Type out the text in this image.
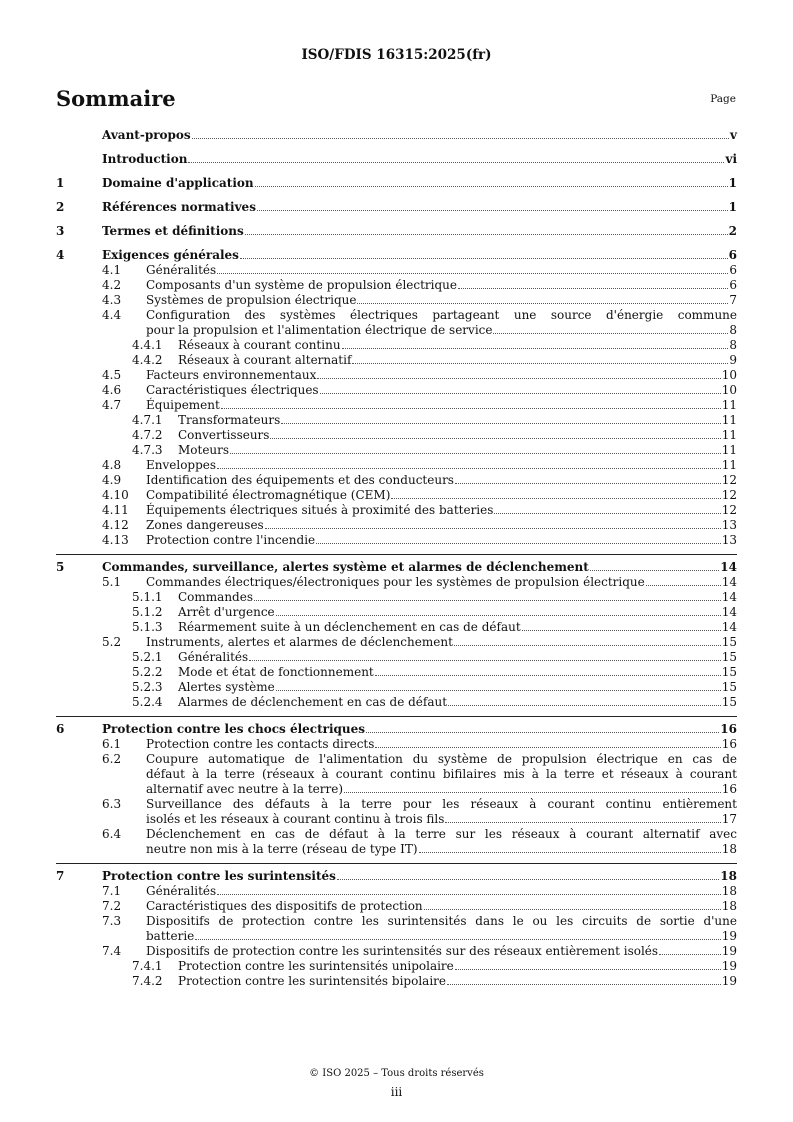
ISO/FDIS 16315:2025(fr)
Sommaire	Page
Avant-propos	v
Introduction	vi
1	Domaine d'application	1
2	Références normatives	1
3	Termes et définitions	2
4	Exigences générales	6
4.1	Généralités	6
4.2	Composants d'un système de propulsion électrique	6
4.3	Systèmes de propulsion électrique	7
4.4	Configuration des systèmes électriques partageant une source d'énergie commune
pour la propulsion et l'alimentation électrique de service	8
4.4.1	Réseaux à courant continu	8
4.4.2	Réseaux à courant alternatif	9
4.5	Facteurs environnementaux	10
4.6	Caractéristiques électriques	10
4.7	Équipement	11
4.7.1	Transformateurs	11
4.7.2	Convertisseurs	11
4.7.3	Moteurs	11
4.8	Enveloppes	11
4.9	Identification des équipements et des conducteurs	12
4.10	Compatibilité électromagnétique (CEM)	12
4.11	Équipements électriques situés à proximité des batteries	12
4.12	Zones dangereuses	13
4.13	Protection contre l'incendie	13
5	Commandes, surveillance, alertes système et alarmes de déclenchement	14
5.1	Commandes électriques/électroniques pour les systèmes de propulsion électrique	14
5.1.1	Commandes	14
5.1.2	Arrêt d'urgence	14
5.1.3	Réarmement suite à un déclenchement en cas de défaut	14
5.2	Instruments, alertes et alarmes de déclenchement	15
5.2.1	Généralités	15
5.2.2	Mode et état de fonctionnement	15
5.2.3	Alertes système	15
5.2.4	Alarmes de déclenchement en cas de défaut	15
6	Protection contre les chocs électriques	16
6.1	Protection contre les contacts directs	16
6.2	Coupure automatique de l'alimentation du système de propulsion électrique en cas de
défaut à la terre (réseaux à courant continu bifilaires mis à la terre et réseaux à courant
alternatif avec neutre à la terre)	16
6.3	Surveillance des défauts à la terre pour les réseaux à courant continu entièrement
isolés et les réseaux à courant continu à trois fils	17
6.4	Déclenchement en cas de défaut à la terre sur les réseaux à courant alternatif avec
neutre non mis à la terre (réseau de type IT)	18
7	Protection contre les surintensités	18
7.1	Généralités	18
7.2	Caractéristiques des dispositifs de protection	18
7.3	Dispositifs de protection contre les surintensités dans le ou les circuits de sortie d'une
batterie	19
7.4	Dispositifs de protection contre les surintensités sur des réseaux entièrement isolés	19
7.4.1	Protection contre les surintensités unipolaire	19
7.4.2	Protection contre les surintensités bipolaire	19
© ISO 2025 – Tous droits réservés
iii
